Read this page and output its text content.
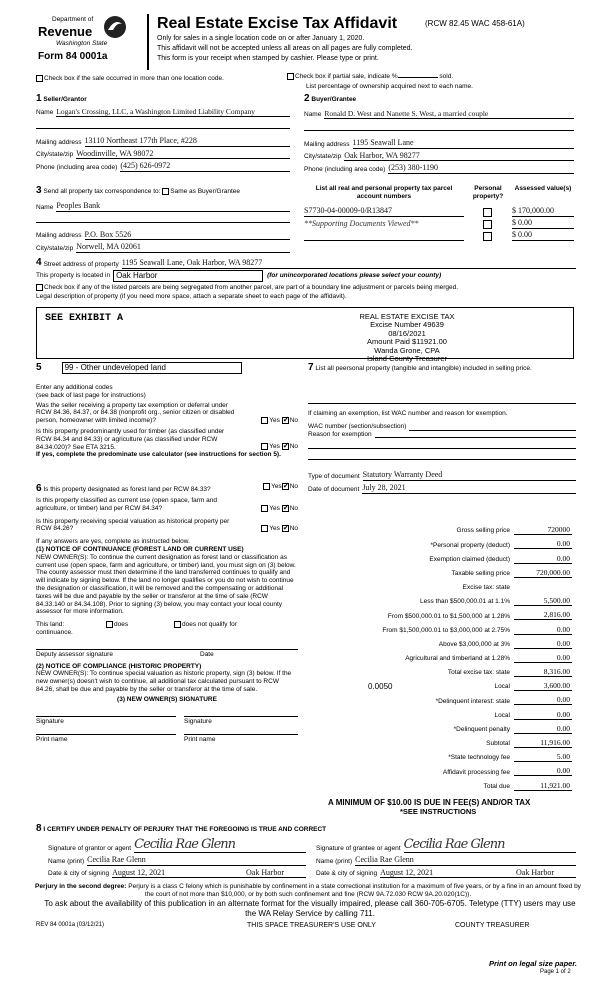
Department of
Revenue
Washington State
Form 84 0001a
Real Estate Excise Tax Affidavit	(RCW 82.45 WAC 458-61A)
Only for sales in a single location code on or after January 1, 2020.
This affidavit will not be accepted unless all areas on all pages are fully completed.
This form is your receipt when stamped by cashier. Please type or print.
Check box if the sale occurred in more than one location code.	Check box if partial sale, indicate %	sold.
List percentage of ownership acquired next to each name.
1 Seller/Grantor
Name Logan's Crossing, LLC, a Washington Limited Liability Company
Mailing address 13110 Northeast 177th Place, #228
City/state/zip Woodinville, WA 98072
Phone (including area code) (425) 626-0972
2 Buyer/Grantee
Name Ronald D. West and Nanette S. West, a married couple
Mailing address 1195 Seawall Lane
City/state/zip Oak Harbor, WA 98277
Phone (including area code) (253) 380-1190
3 Send all property tax correspondence to: Same as Buyer/Grantee
Name Peoples Bank
Mailing address P.O. Box 5526
City/state/zip Norwell, MA 02061
List all real and personal property tax parcel account numbers
Personal property?
Assessed value(s)
S7730-04-00009-0/R13847	$ 170,000.00
**Supporting Documents Viewed**	$ 0.00
$ 0.00
4 Street address of property 1195 Seawall Lane, Oak Harbor, WA 98277
This property is located in Oak Harbor	(for unincorporated locations please select your county)
Check box if any of the listed parcels are being segregated from another parcel, are part of a boundary line adjustment or parcels being merged.
Legal description of property (if you need more space, attach a separate sheet to each page of the affidavit).
SEE EXHIBIT A	REAL ESTATE EXCISE TAX
Excise Number 49639
08/16/2021
Amount Paid $11921.00
Wanda Grone, CPA
Island County Treasurer
5	99 - Other undeveloped land
Enter any additional codes
(see back of last page for instructions)
Was the seller receiving a property tax exemption or deferral under RCW 84.36, 84.37, or 84.38 (nonprofit org., senior citizen or disabled person, homeowner with limited income)?	Yes ✓ No
Is this property predominantly used for timber (as classified under RCW 84.34 and 84.33) or agriculture (as classified under RCW 84.34.020)? See ETA 3215.	Yes ✓ No
If yes, complete the predominate use calculator (see instructions for section 5).
6 Is this property designated as forest land per RCW 84.33?	Yes ✓ No
Is this property classified as current use (open space, farm and agriculture, or timber) land per RCW 84.34?	Yes ✓ No
Is this property receiving special valuation as historical property per RCW 84.26?	Yes ✓ No
If any answers are yes, complete as instructed below.
(1) NOTICE OF CONTINUANCE (FOREST LAND OR CURRENT USE)
NEW OWNER(S): To continue the current designation as forest land or classification as current use (open space, farm and agriculture, or timber) land, you must sign on (3) below. The county assessor must then determine if the land transferred continues to qualify and will indicate by signing below. If the land no longer qualifies or you do not wish to continue the designation or classification, it will be removed and the compensating or additional taxes will be due and payable by the seller or transferor at the time of sale (RCW 84.33.140 or 84.34.108). Prior to signing (3) below, you may contact your local county assessor for more information.
This land:	does	does not qualify for
continuance.
Deputy assessor signature	Date
(2) NOTICE OF COMPLIANCE (HISTORIC PROPERTY)
NEW OWNER(S): To continue special valuation as historic property, sign (3) below. If the new owner(s) doesn't wish to continue, all additional tax calculated pursuant to RCW 84.26, shall be due and payable by the seller or transferor at the time of sale.
(3) NEW OWNER(S) SIGNATURE
Signature	Signature
Print name	Print name
7 List all peersonal property (tangible and intangible) included in selling price.
If claiming an exemption, list WAC number and reason for exemption.
WAC number (section/subsection)
Reason for exemption
Type of document Statutory Warranty Deed
Date of document July 28, 2021
Gross selling price	720000
*Personal property (deduct)	0.00
Exemption claimed (deduct)	0.00
Taxable selling price	720,000.00
Excise tax: state
Less than $500,000.01 at 1.1%	5,500.00
From $500,000.01 to $1,500,000 at 1.28%	2,816.00
From $1,500,000.01 to $3,000,000 at 2.75%	0.00
Above $3,000,000 at 3%	0.00
Agricultural and timberland at 1.28%	0.00
Total excise tax: state	8,316.00
0.0050	Local	3,600.00
*Delinquent interest: state	0.00
Local	0.00
*Delinquent penalty	0.00
Subtotal	11,916.00
*State technology fee	5.00
Affidavit processing fee	0.00
Total due	11,921.00
A MINIMUM OF $10.00 IS DUE IN FEE(S) AND/OR TAX
*SEE INSTRUCTIONS
8 I CERTIFY UNDER PENALTY OF PERJURY THAT THE FOREGOING IS TRUE AND CORRECT
Signature of grantor or agent Cecilia Rae Glenn
Name (print) Cecilia Rae Glenn
Date & city of signing August 12, 2021	Oak Harbor
Signature of grantee or agent Cecilia Rae Glenn
Name (print) Cecilia Rae Glenn
Date & city of signing August 12, 2021	Oak Harbor
Perjury in the second degree: Perjury is a class C felony which is punishable by confinement in a state correctional institution for a maximum of five years, or by a fine in an amount fixed by the court of not more than $10,000, or by both such confinement and fine (RCW 9A.72.030 RCW 9A.20.020(1C)).
To ask about the availability of this publication in an alternate format for the visually impaired, please call 360-705-6705. Teletype (TTY) users may use the WA Relay Service by calling 711.
REV 84 0001a (03/12/21)	THIS SPACE TREASURER'S USE ONLY	COUNTY TREASURER
Print on legal size paper.
Page 1 of 2
